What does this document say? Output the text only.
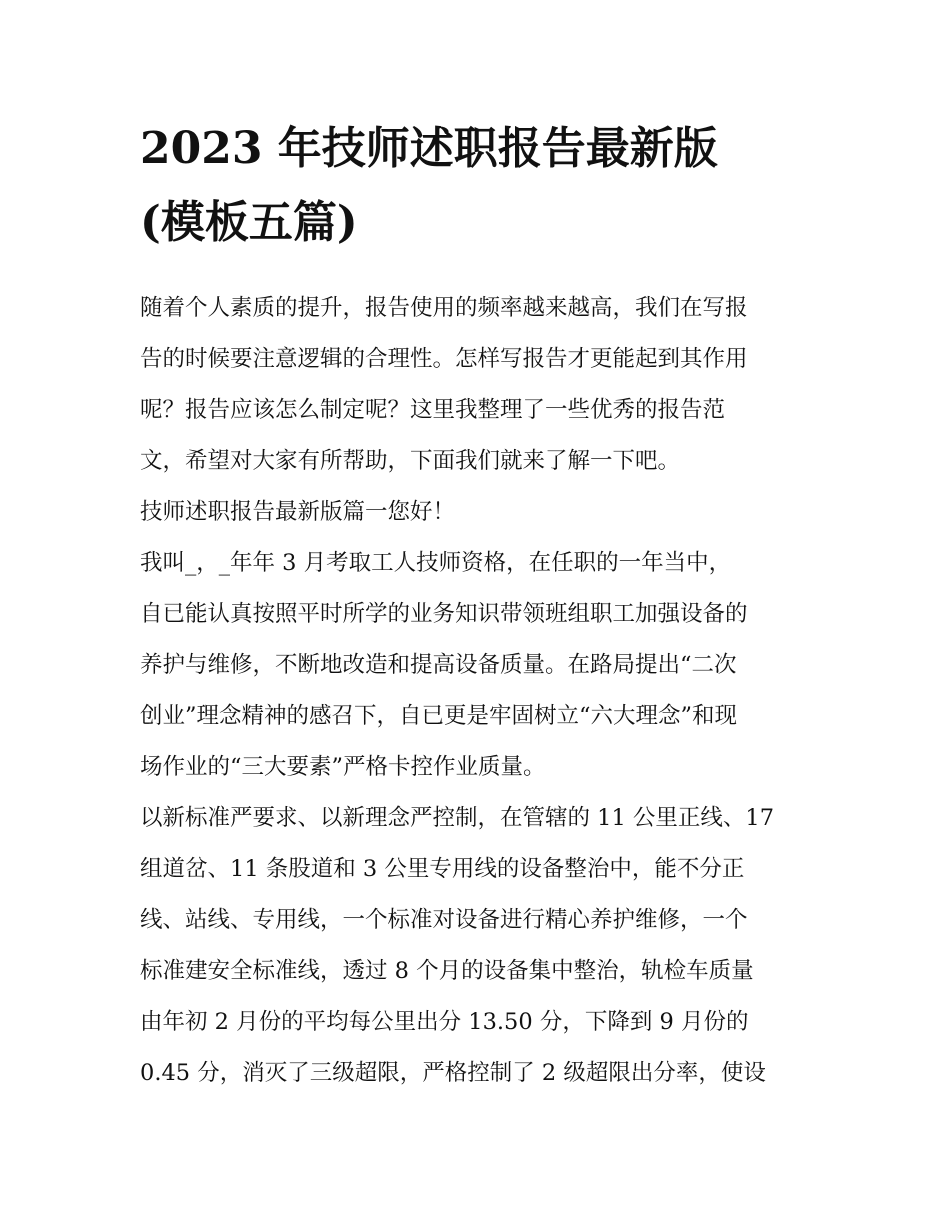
2023 年技师述职报告最新版
(模板五篇)
随着个人素质的提升，报告使用的频率越来越高，我们在写报
告的时候要注意逻辑的合理性。怎样写报告才更能起到其作用
呢？报告应该怎么制定呢？这里我整理了一些优秀的报告范
文，希望对大家有所帮助，下面我们就来了解一下吧。
技师述职报告最新版篇一您好！
我叫_，_年年 3 月考取工人技师资格，在任职的一年当中，
自已能认真按照平时所学的业务知识带领班组职工加强设备的
养护与维修，不断地改造和提高设备质量。在路局提出“二次
创业”理念精神的感召下，自已更是牢固树立“六大理念”和现
场作业的“三大要素”严格卡控作业质量。
以新标准严要求、以新理念严控制，在管辖的 11 公里正线、17
组道岔、11 条股道和 3 公里专用线的设备整治中，能不分正
线、站线、专用线，一个标准对设备进行精心养护维修，一个
标准建安全标准线，透过 8 个月的设备集中整治，轨检车质量
由年初 2 月份的平均每公里出分 13.50 分，下降到 9 月份的
0.45 分，消灭了三级超限，严格控制了 2 级超限出分率，使设
